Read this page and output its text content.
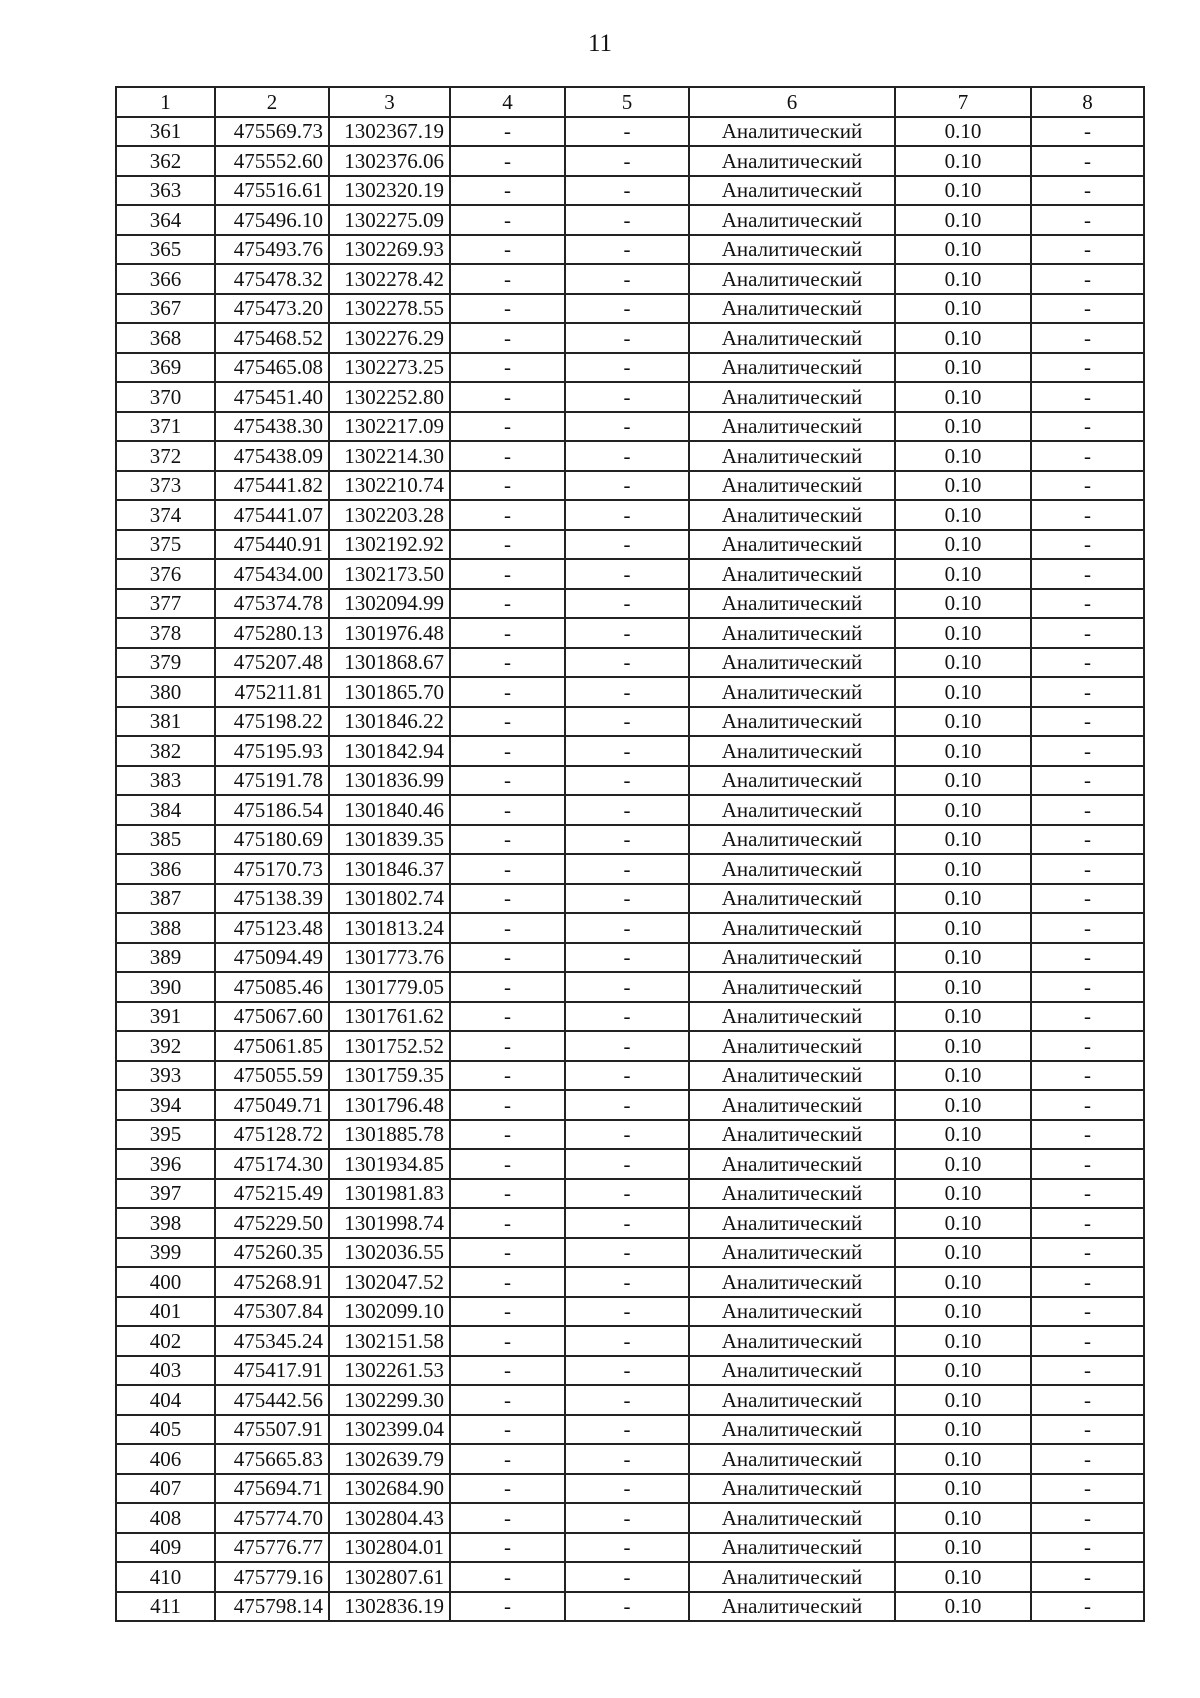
11
1	2	3	4	5	6	7	8
361	475569.73	1302367.19	-	-	Аналитический	0.10	-
362	475552.60	1302376.06	-	-	Аналитический	0.10	-
363	475516.61	1302320.19	-	-	Аналитический	0.10	-
364	475496.10	1302275.09	-	-	Аналитический	0.10	-
365	475493.76	1302269.93	-	-	Аналитический	0.10	-
366	475478.32	1302278.42	-	-	Аналитический	0.10	-
367	475473.20	1302278.55	-	-	Аналитический	0.10	-
368	475468.52	1302276.29	-	-	Аналитический	0.10	-
369	475465.08	1302273.25	-	-	Аналитический	0.10	-
370	475451.40	1302252.80	-	-	Аналитический	0.10	-
371	475438.30	1302217.09	-	-	Аналитический	0.10	-
372	475438.09	1302214.30	-	-	Аналитический	0.10	-
373	475441.82	1302210.74	-	-	Аналитический	0.10	-
374	475441.07	1302203.28	-	-	Аналитический	0.10	-
375	475440.91	1302192.92	-	-	Аналитический	0.10	-
376	475434.00	1302173.50	-	-	Аналитический	0.10	-
377	475374.78	1302094.99	-	-	Аналитический	0.10	-
378	475280.13	1301976.48	-	-	Аналитический	0.10	-
379	475207.48	1301868.67	-	-	Аналитический	0.10	-
380	475211.81	1301865.70	-	-	Аналитический	0.10	-
381	475198.22	1301846.22	-	-	Аналитический	0.10	-
382	475195.93	1301842.94	-	-	Аналитический	0.10	-
383	475191.78	1301836.99	-	-	Аналитический	0.10	-
384	475186.54	1301840.46	-	-	Аналитический	0.10	-
385	475180.69	1301839.35	-	-	Аналитический	0.10	-
386	475170.73	1301846.37	-	-	Аналитический	0.10	-
387	475138.39	1301802.74	-	-	Аналитический	0.10	-
388	475123.48	1301813.24	-	-	Аналитический	0.10	-
389	475094.49	1301773.76	-	-	Аналитический	0.10	-
390	475085.46	1301779.05	-	-	Аналитический	0.10	-
391	475067.60	1301761.62	-	-	Аналитический	0.10	-
392	475061.85	1301752.52	-	-	Аналитический	0.10	-
393	475055.59	1301759.35	-	-	Аналитический	0.10	-
394	475049.71	1301796.48	-	-	Аналитический	0.10	-
395	475128.72	1301885.78	-	-	Аналитический	0.10	-
396	475174.30	1301934.85	-	-	Аналитический	0.10	-
397	475215.49	1301981.83	-	-	Аналитический	0.10	-
398	475229.50	1301998.74	-	-	Аналитический	0.10	-
399	475260.35	1302036.55	-	-	Аналитический	0.10	-
400	475268.91	1302047.52	-	-	Аналитический	0.10	-
401	475307.84	1302099.10	-	-	Аналитический	0.10	-
402	475345.24	1302151.58	-	-	Аналитический	0.10	-
403	475417.91	1302261.53	-	-	Аналитический	0.10	-
404	475442.56	1302299.30	-	-	Аналитический	0.10	-
405	475507.91	1302399.04	-	-	Аналитический	0.10	-
406	475665.83	1302639.79	-	-	Аналитический	0.10	-
407	475694.71	1302684.90	-	-	Аналитический	0.10	-
408	475774.70	1302804.43	-	-	Аналитический	0.10	-
409	475776.77	1302804.01	-	-	Аналитический	0.10	-
410	475779.16	1302807.61	-	-	Аналитический	0.10	-
411	475798.14	1302836.19	-	-	Аналитический	0.10	-
